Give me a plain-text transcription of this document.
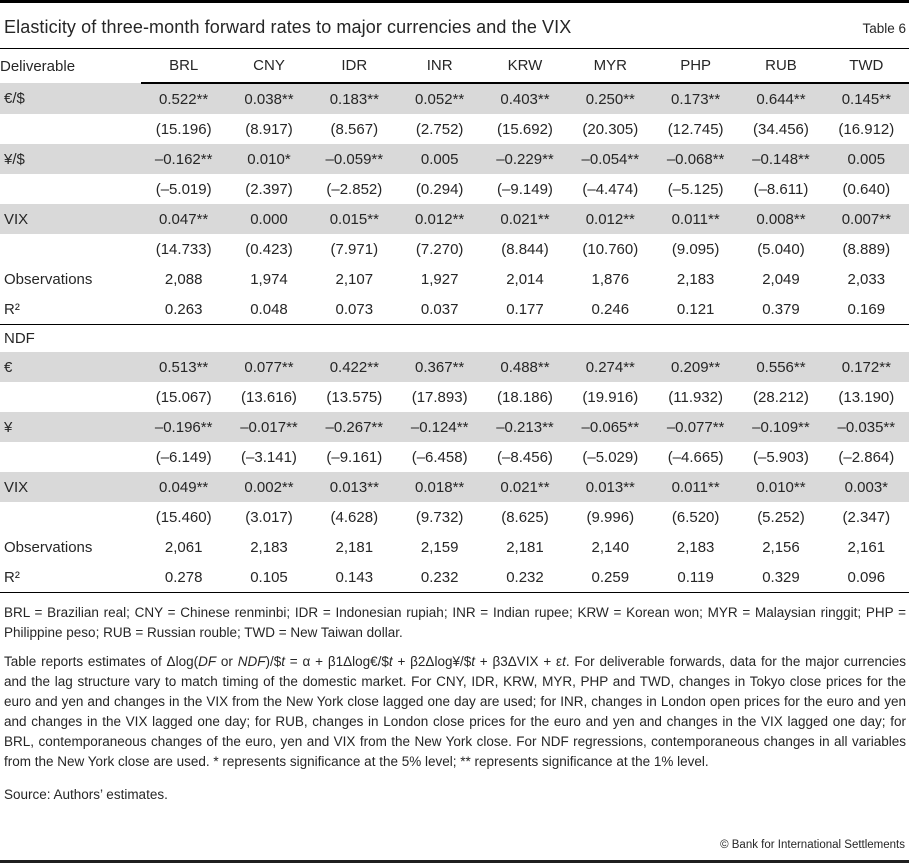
Elasticity of three-month forward rates to major currencies and the VIX	Table 6
Deliverable	BRL	CNY	IDR	INR	KRW	MYR	PHP	RUB	TWD
€/$	0.522**	0.038**	0.183**	0.052**	0.403**	0.250**	0.173**	0.644**	0.145**
	(15.196)	(8.917)	(8.567)	(2.752)	(15.692)	(20.305)	(12.745)	(34.456)	(16.912)
¥/$	–0.162**	0.010*	–0.059**	0.005	–0.229**	–0.054**	–0.068**	–0.148**	0.005
	(–5.019)	(2.397)	(–2.852)	(0.294)	(–9.149)	(–4.474)	(–5.125)	(–8.611)	(0.640)
VIX	0.047**	0.000	0.015**	0.012**	0.021**	0.012**	0.011**	0.008**	0.007**
	(14.733)	(0.423)	(7.971)	(7.270)	(8.844)	(10.760)	(9.095)	(5.040)	(8.889)
Observations	2,088	1,974	2,107	1,927	2,014	1,876	2,183	2,049	2,033
R²	0.263	0.048	0.073	0.037	0.177	0.246	0.121	0.379	0.169
NDF									
€	0.513**	0.077**	0.422**	0.367**	0.488**	0.274**	0.209**	0.556**	0.172**
	(15.067)	(13.616)	(13.575)	(17.893)	(18.186)	(19.916)	(11.932)	(28.212)	(13.190)
¥	–0.196**	–0.017**	–0.267**	–0.124**	–0.213**	–0.065**	–0.077**	–0.109**	–0.035**
	(–6.149)	(–3.141)	(–9.161)	(–6.458)	(–8.456)	(–5.029)	(–4.665)	(–5.903)	(–2.864)
VIX	0.049**	0.002**	0.013**	0.018**	0.021**	0.013**	0.011**	0.010**	0.003*
	(15.460)	(3.017)	(4.628)	(9.732)	(8.625)	(9.996)	(6.520)	(5.252)	(2.347)
Observations	2,061	2,183	2,181	2,159	2,181	2,140	2,183	2,156	2,161
R²	0.278	0.105	0.143	0.232	0.232	0.259	0.119	0.329	0.096

BRL = Brazilian real; CNY = Chinese renminbi; IDR = Indonesian rupiah; INR = Indian rupee; KRW = Korean won; MYR = Malaysian ringgit; PHP = Philippine peso; RUB = Russian rouble; TWD = New Taiwan dollar.

Table reports estimates of Δlog(DF or NDF)/$t = α + β1Δlog€/$t + β2Δlog¥/$t + β3ΔVIX + εt. For deliverable forwards, data for the major currencies and the lag structure vary to match timing of the domestic market. For CNY, IDR, KRW, MYR, PHP and TWD, changes in Tokyo close prices for the euro and yen and changes in the VIX from the New York close lagged one day are used; for INR, changes in London open prices for the euro and yen and changes in the VIX lagged one day; for RUB, changes in London close prices for the euro and yen and changes in the VIX lagged one day; for BRL, contemporaneous changes of the euro, yen and VIX from the New York close. For NDF regressions, contemporaneous changes in all variables from the New York close are used. * represents significance at the 5% level; ** represents significance at the 1% level.

Source: Authors’ estimates.
© Bank for International Settlements
